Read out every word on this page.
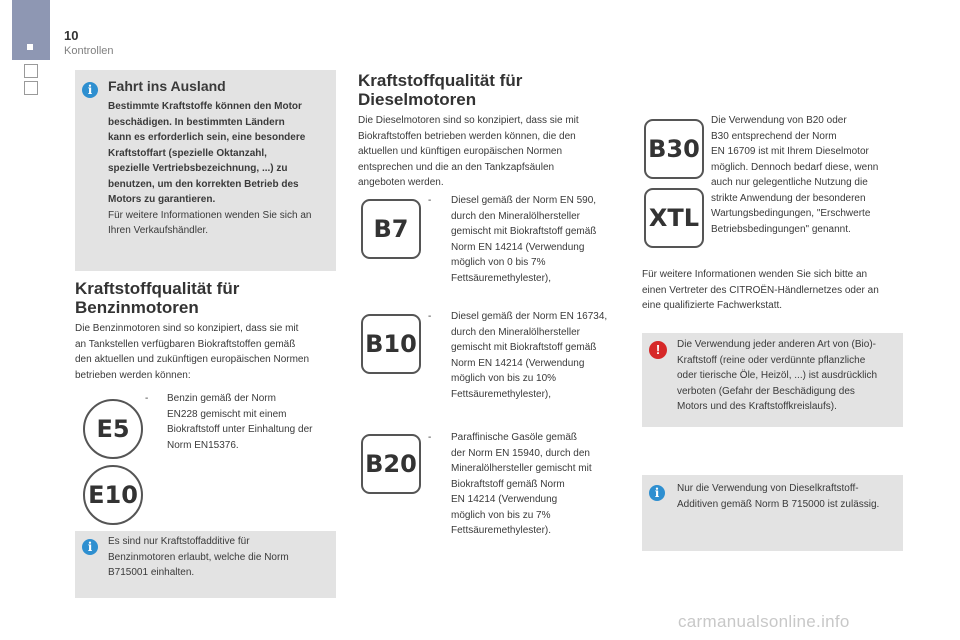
10
Kontrollen
i	Fahrt ins Ausland
Bestimmte Kraftstoffe können den Motor
beschädigen. In bestimmten Ländern
kann es erforderlich sein, eine besondere
Kraftstoffart (spezielle Oktanzahl,
spezielle Vertriebsbezeichnung, ...) zu
benutzen, um den korrekten Betrieb des
Motors zu garantieren.
Für weitere Informationen wenden Sie sich an
Ihren Verkaufshändler.
Kraftstoffqualität für
Benzinmotoren
Die Benzinmotoren sind so konzipiert, dass sie mit
an Tankstellen verfügbaren Biokraftstoffen gemäß
den aktuellen und zukünftigen europäischen Normen
betrieben werden können:
E5
E10
- Benzin gemäß der Norm
EN228 gemischt mit einem
Biokraftstoff unter Einhaltung der
Norm EN15376.
i	Es sind nur Kraftstoffadditive für
Benzinmotoren erlaubt, welche die Norm
B715001 einhalten.
Kraftstoffqualität für
Dieselmotoren
Die Dieselmotoren sind so konzipiert, dass sie mit
Biokraftstoffen betrieben werden können, die den
aktuellen und künftigen europäischen Normen
entsprechen und die an den Tankzapfsäulen
angeboten werden.
B7
- Diesel gemäß der Norm EN 590,
durch den Mineralölhersteller
gemischt mit Biokraftstoff gemäß
Norm EN 14214 (Verwendung
möglich von 0 bis 7%
Fettsäuremethylester),
B10
- Diesel gemäß der Norm EN 16734,
durch den Mineralölhersteller
gemischt mit Biokraftstoff gemäß
Norm EN 14214 (Verwendung
möglich von bis zu 10%
Fettsäuremethylester),
B20
- Paraffinische Gasöle gemäß
der Norm EN 15940, durch den
Mineralölhersteller gemischt mit
Biokraftstoff gemäß Norm
EN 14214 (Verwendung
möglich von bis zu 7%
Fettsäuremethylester).
B30
XTL
Die Verwendung von B20 oder
B30 entsprechend der Norm
EN 16709 ist mit Ihrem Dieselmotor
möglich. Dennoch bedarf diese, wenn
auch nur gelegentliche Nutzung die
strikte Anwendung der besonderen
Wartungsbedingungen, "Erschwerte
Betriebsbedingungen" genannt.
Für weitere Informationen wenden Sie sich bitte an
einen Vertreter des CITROËN-Händlernetzes oder an
eine qualifizierte Fachwerkstatt.
!	Die Verwendung jeder anderen Art von (Bio)-
Kraftstoff (reine oder verdünnte pflanzliche
oder tierische Öle, Heizöl, ...) ist ausdrücklich
verboten (Gefahr der Beschädigung des
Motors und des Kraftstoffkreislaufs).
i	Nur die Verwendung von Dieselkraftstoff-
Additiven gemäß Norm B 715000 ist zulässig.
carmanualsonline.info
